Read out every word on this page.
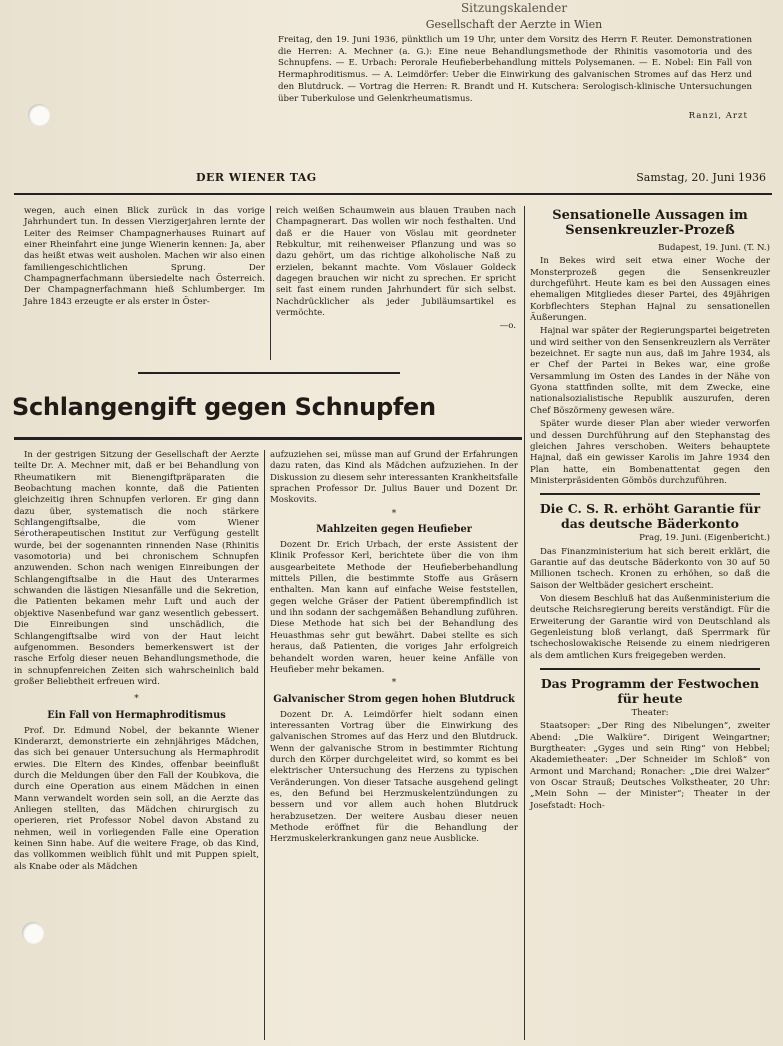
Sitzungskalender
Gesellschaft der Aerzte in Wien
Freitag, den 19. Juni 1936, pünktlich um 19 Uhr, unter dem Vorsitz des Herrn F. Reuter. Demonstrationen die Herren: A. Mechner (a. G.): Eine neue Behandlungsmethode der Rhinitis vasomotoria und des Schnupfens. — E. Urbach: Perorale Heufieberbehandlung mittels Polysemanen. — E. Nobel: Ein Fall von Hermaphroditismus. — A. Leimdörfer: Ueber die Einwirkung des galvanischen Stromes auf das Herz und den Blutdruck. — Vortrag die Herren: R. Brandt und H. Kutschera: Serologisch-klinische Untersuchungen über Tuberkulose und Gelenkrheumatismus.
Ranzi, Arzt
DER WIENER TAG	Samstag, 20. Juni 1936

wegen, auch einen Blick zurück in das vorige Jahrhundert tun. In dessen Vierzigerjahren lernte der Leiter des Reimser Champagnerhauses Ruinart auf einer Rheinfahrt eine junge Wienerin kennen: Ja, aber das heißt etwas weit ausholen. Machen wir also einen familiengeschichtlichen Sprung. Der Champagnerfachmann übersiedelte nach Österreich. Der Champagnerfachmann hieß Schlumberger. Im Jahre 1843 erzeugte er als erster in Öster-

reich weißen Schaumwein aus blauen Trauben nach Champagnerart. Das wollen wir noch festhalten. Und daß er die Hauer von Vöslau mit geordneter Rebkultur, mit reihenweiser Pflanzung und was so dazu gehört, um das richtige alkoholische Naß zu erzielen, bekannt machte. Vom Vöslauer Goldeck dagegen brauchen wir nicht zu sprechen. Er spricht seit fast einem runden Jahrhundert für sich selbst. Nachdrücklicher als jeder Jubiläumsartikel es vermöchte.

—o.
Schlangengift gegen Schnupfen

In der gestrigen Sitzung der Gesellschaft der Aerzte teilte Dr. A. Mechner mit, daß er bei Behandlung von Rheumatikern mit Bienengiftpräparaten die Beobachtung machen konnte, daß die Patienten gleichzeitig ihren Schnupfen verloren. Er ging dann dazu über, systematisch die noch stärkere Schlangengiftsalbe, die vom Wiener Serotherapeutischen Institut zur Verfügung gestellt wurde, bei der sogenannten rinnenden Nase (Rhinitis vasomotoria) und bei chronischem Schnupfen anzuwenden. Schon nach wenigen Einreibungen der Schlangengiftsalbe in die Haut des Unterarmes schwanden die lästigen Niesanfälle und die Sekretion, die Patienten bekamen mehr Luft und auch der objektive Nasenbefund war ganz wesentlich gebessert. Die Einreibungen sind unschädlich, die Schlangengiftsalbe wird von der Haut leicht aufgenommen. Besonders bemerkenswert ist der rasche Erfolg dieser neuen Behandlungsmethode, die in schnupfenreichen Zeiten sich wahrscheinlich bald großer Beliebtheit erfreuen wird.

*
Ein Fall von Hermaphroditismus

Prof. Dr. Edmund Nobel, der bekannte Wiener Kinderarzt, demonstrierte ein zehnjähriges Mädchen, das sich bei genauer Untersuchung als Hermaphrodit erwies. Die Eltern des Kindes, offenbar beeinflußt durch die Meldungen über den Fall der Koubkova, die durch eine Operation aus einem Mädchen in einen Mann verwandelt worden sein soll, an die Aerzte das Anliegen stellten, das Mädchen chirurgisch zu operieren, riet Professor Nobel davon Abstand zu nehmen, weil in vorliegenden Falle eine Operation keinen Sinn habe. Auf die weitere Frage, ob das Kind, das vollkommen weiblich fühlt und mit Puppen spielt, als Knabe oder als Mädchen

aufzuziehen sei, müsse man auf Grund der Erfahrungen dazu raten, das Kind als Mädchen aufzuziehen. In der Diskussion zu diesem sehr interessanten Krankheitsfalle sprachen Professor Dr. Julius Bauer und Dozent Dr. Moskovits.

*
Mahlzeiten gegen Heufieber

Dozent Dr. Erich Urbach, der erste Assistent der Klinik Professor Kerl, berichtete über die von ihm ausgearbeitete Methode der Heufieberbehandlung mittels Pillen, die bestimmte Stoffe aus Gräsern enthalten. Man kann auf einfache Weise feststellen, gegen welche Gräser der Patient überempfindlich ist und ihn sodann der sachgemäßen Behandlung zuführen. Diese Methode hat sich bei der Behandlung des Heuasthmas sehr gut bewährt. Dabei stellte es sich heraus, daß Patienten, die voriges Jahr erfolgreich behandelt worden waren, heuer keine Anfälle von Heufieber mehr bekamen.

*
Galvanischer Strom gegen hohen Blutdruck

Dozent Dr. A. Leimdörfer hielt sodann einen interessanten Vortrag über die Einwirkung des galvanischen Stromes auf das Herz und den Blutdruck. Wenn der galvanische Strom in bestimmter Richtung durch den Körper durchgeleitet wird, so kommt es bei elektrischer Untersuchung des Herzens zu typischen Veränderungen. Von dieser Tatsache ausgehend gelingt es, den Befund bei Herzmuskelentzündungen zu bessern und vor allem auch hohen Blutdruck herabzusetzen. Der weitere Ausbau dieser neuen Methode eröffnet für die Behandlung der Herzmuskelerkrankungen ganz neue Ausblicke.

Sensationelle Aussagen im Sensenkreuzler-Prozeß
Budapest, 19. Juni. (T. N.)

In Bekes wird seit etwa einer Woche der Monsterprozeß gegen die Sensenkreuzler durchgeführt. Heute kam es bei den Aussagen eines ehemaligen Mitgliedes dieser Partei, des 49jährigen Korbflechters Stephan Hajnal zu sensationellen Äußerungen.

Hajnal war später der Regierungspartei beigetreten und wird seither von den Sensenkreuzlern als Verräter bezeichnet. Er sagte nun aus, daß im Jahre 1934, als er Chef der Partei in Bekes war, eine große Versammlung im Osten des Landes in der Nähe von Gyona stattfinden sollte, mit dem Zwecke, eine nationalsozialistische Republik auszurufen, deren Chef Böszörmeny gewesen wäre.

Später wurde dieser Plan aber wieder verworfen und dessen Durchführung auf den Stephanstag des gleichen Jahres verschoben. Weiters behauptete Hajnal, daß ein gewisser Karolis im Jahre 1934 den Plan hatte, ein Bombenattentat gegen den Ministerpräsidenten Gömbös durchzuführen.

Die C. S. R. erhöht Garantie für das deutsche Bäderkonto
Prag, 19. Juni. (Eigenbericht.)

Das Finanzministerium hat sich bereit erklärt, die Garantie auf das deutsche Bäderkonto von 30 auf 50 Millionen tschech. Kronen zu erhöhen, so daß die Saison der Weltbäder gesichert erscheint.

Von diesem Beschluß hat das Außenministerium die deutsche Reichsregierung bereits verständigt. Für die Erweiterung der Garantie wird von Deutschland als Gegenleistung bloß verlangt, daß Sperrmark für tschechoslowakische Reisende zu einem niedrigeren als dem amtlichen Kurs freigegeben werden.

Das Programm der Festwochen für heute
Theater:

Staatsoper: „Der Ring des Nibelungen“, zweiter Abend: „Die Walküre“. Dirigent Weingartner; Burgtheater: „Gyges und sein Ring“ von Hebbel; Akademietheater: „Der Schneider im Schloß“ von Armont und Marchand; Ronacher: „Die drei Walzer“ von Oscar Strauß; Deutsches Volkstheater, 20 Uhr: „Mein Sohn — der Minister“; Theater in der Josefstadt: Hoch-
